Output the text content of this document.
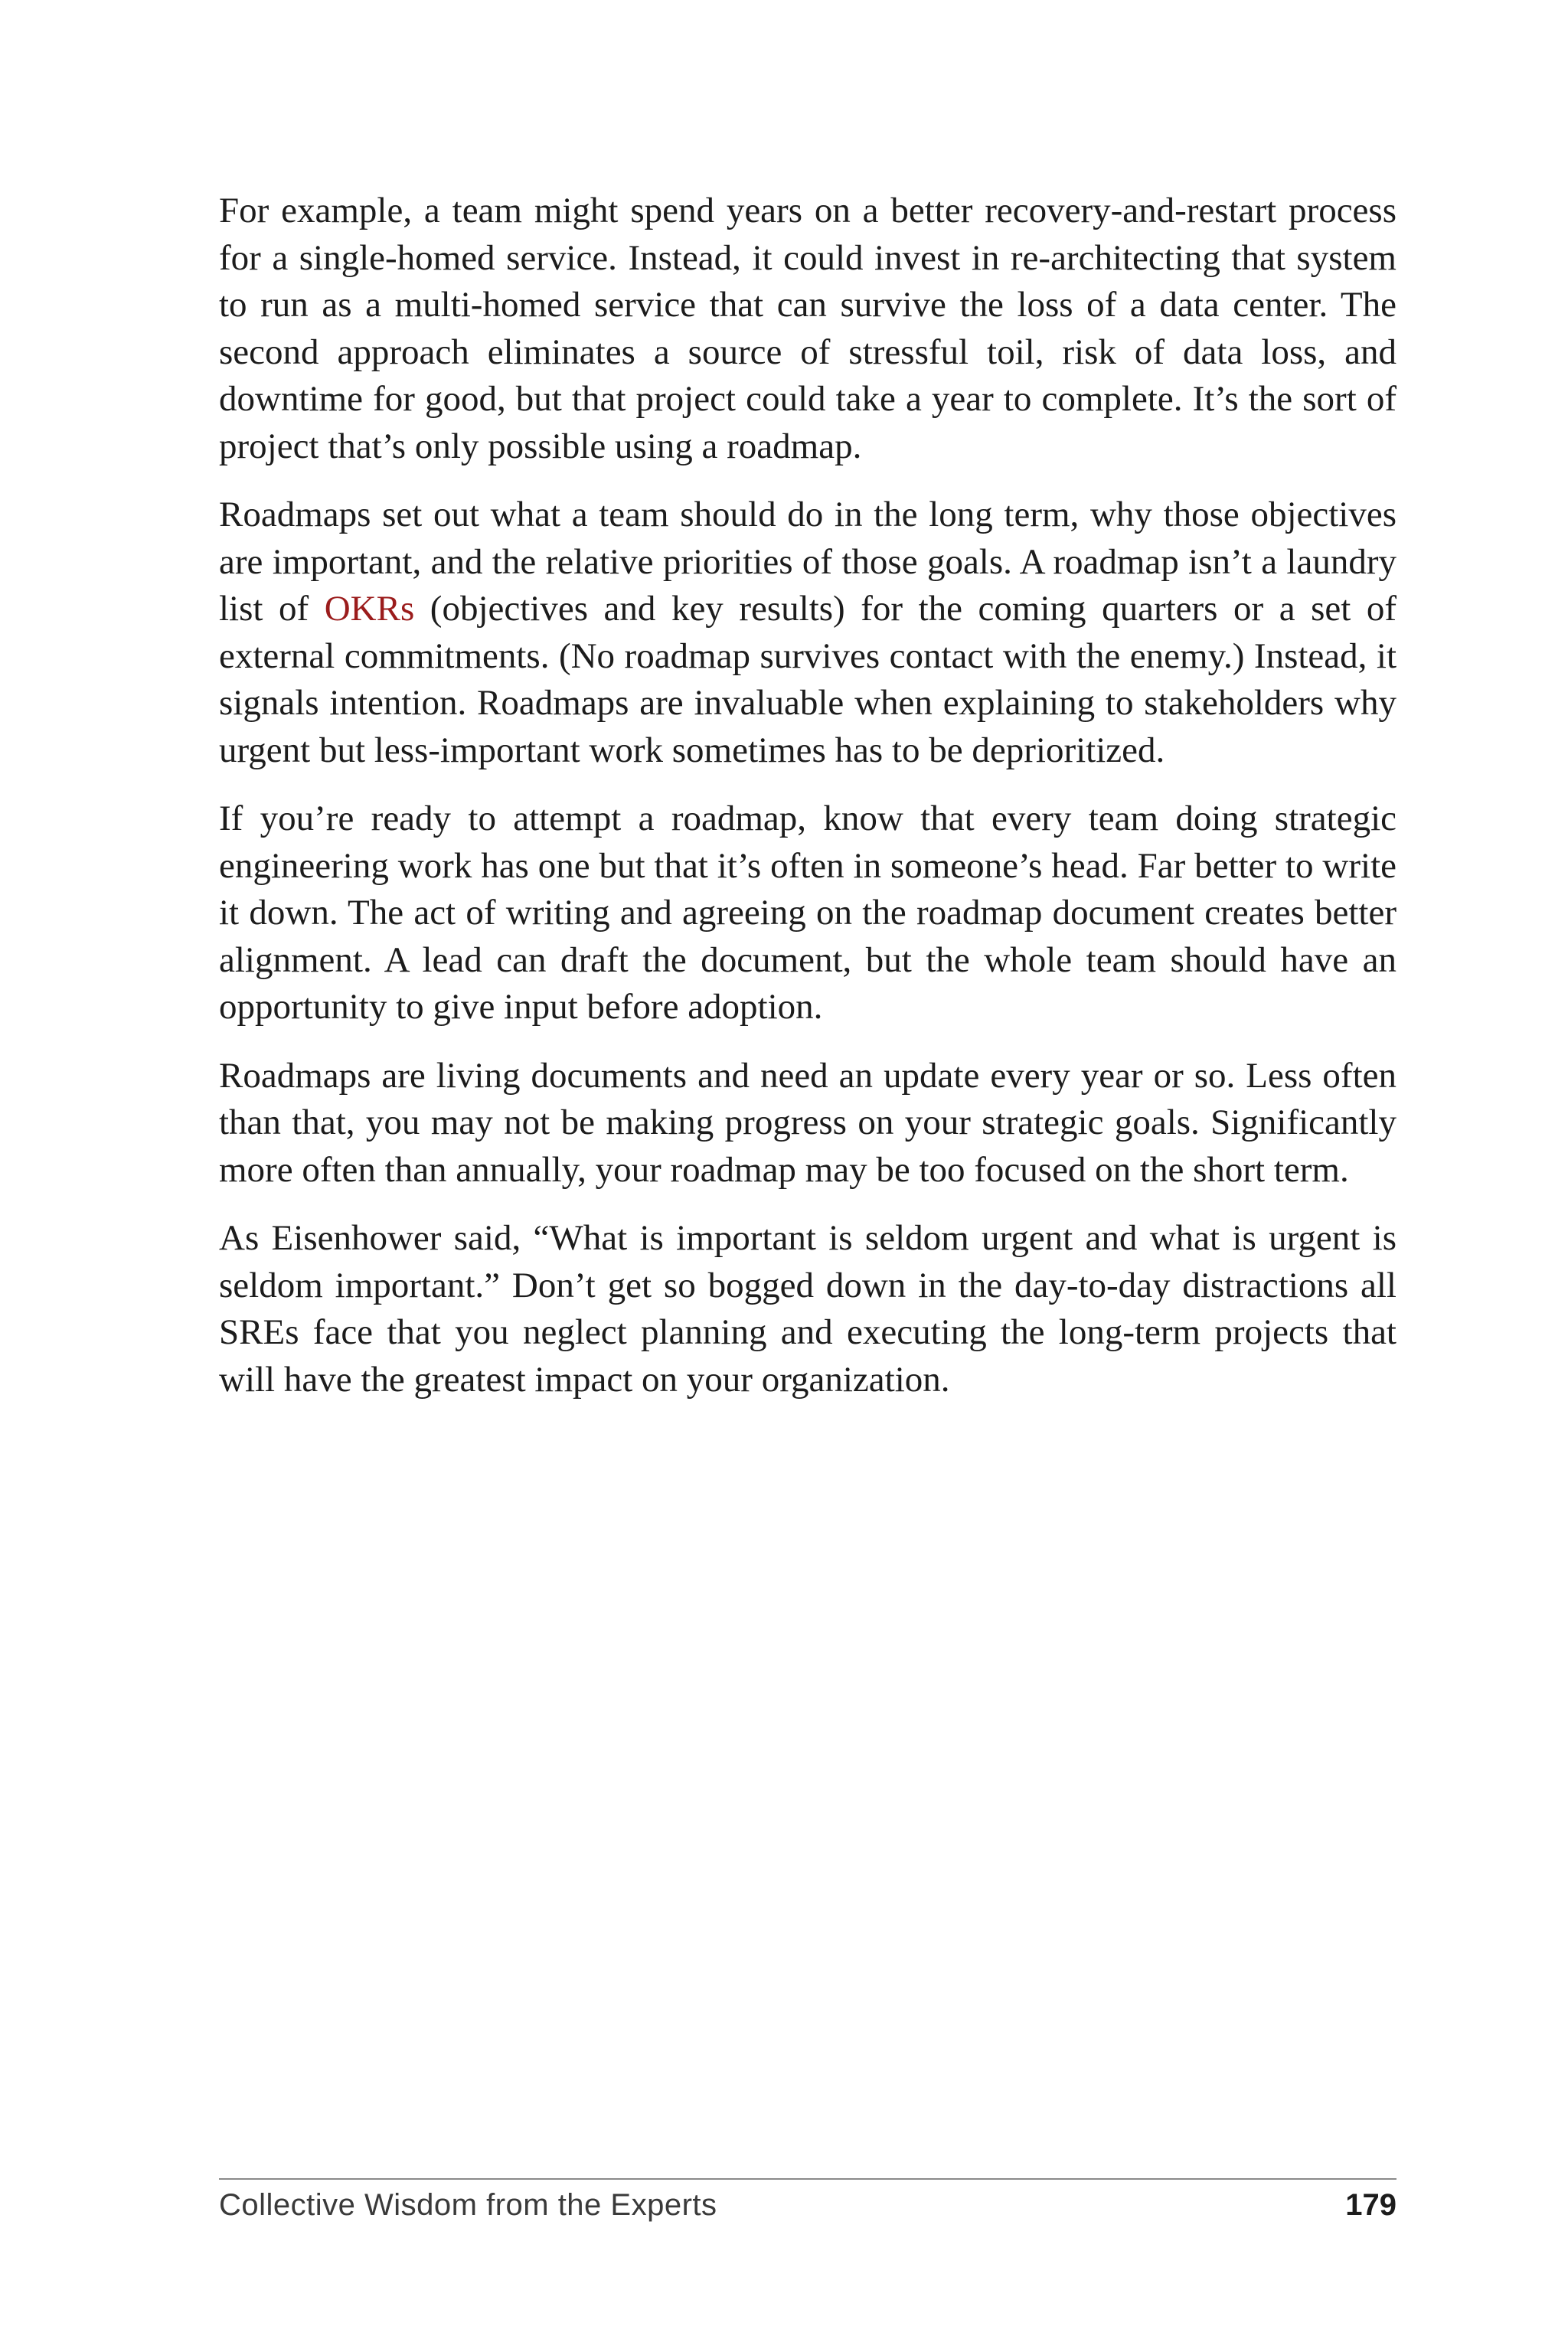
For example, a team might spend years on a better recovery-and-restart process for a single-homed service. Instead, it could invest in re-architecting that system to run as a multi-homed service that can survive the loss of a data center. The second approach eliminates a source of stressful toil, risk of data loss, and downtime for good, but that project could take a year to complete. It’s the sort of project that’s only possible using a roadmap.

Roadmaps set out what a team should do in the long term, why those objectives are important, and the relative priorities of those goals. A roadmap isn’t a laundry list of OKRs (objectives and key results) for the coming quarters or a set of external commitments. (No roadmap survives contact with the enemy.) Instead, it signals intention. Roadmaps are invaluable when explaining to stakeholders why urgent but less-important work sometimes has to be deprioritized.

If you’re ready to attempt a roadmap, know that every team doing strategic engineering work has one but that it’s often in someone’s head. Far better to write it down. The act of writing and agreeing on the roadmap document creates better alignment. A lead can draft the document, but the whole team should have an opportunity to give input before adoption.

Roadmaps are living documents and need an update every year or so. Less often than that, you may not be making progress on your strategic goals. Significantly more often than annually, your roadmap may be too focused on the short term.

As Eisenhower said, “What is important is seldom urgent and what is urgent is seldom important.” Don’t get so bogged down in the day-to-day distractions all SREs face that you neglect planning and executing the long-term projects that will have the greatest impact on your organization.

Collective Wisdom from the Experts	179
